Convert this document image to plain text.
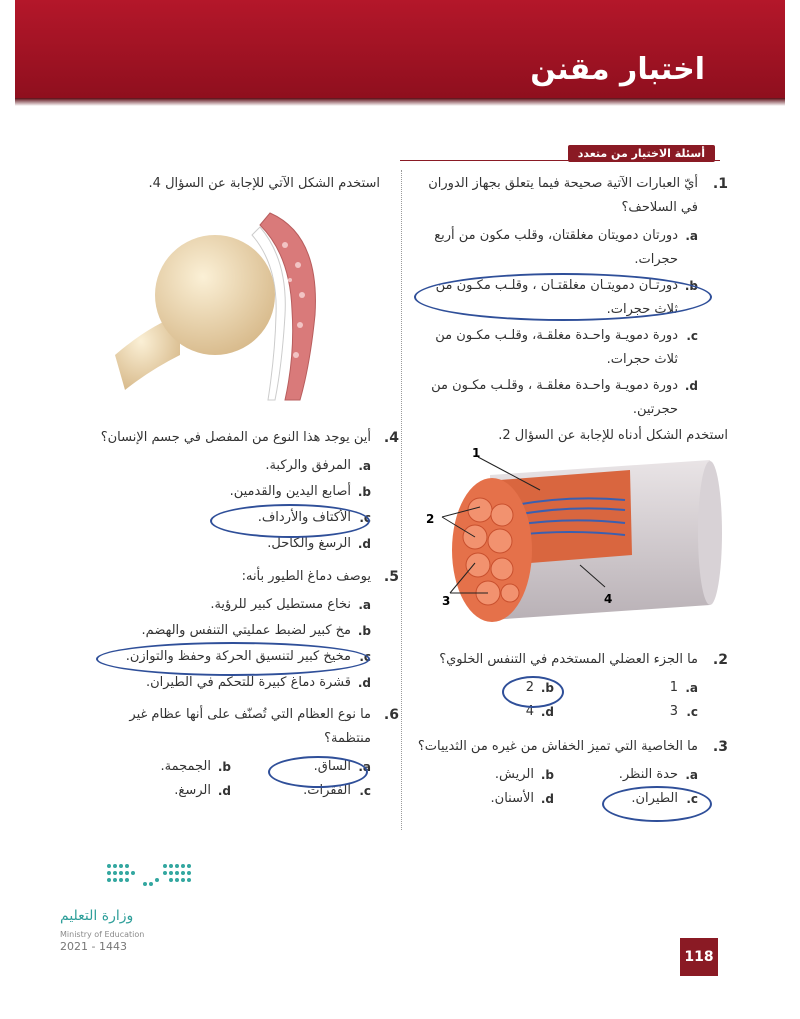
اختبار مقنن
أسئلة الاختيار من متعدد
1.
أيّ العبارات الآتية صحيحة فيما يتعلق بجهاز الدوران
في السلاحف؟
a.
دورتان دمويتان مغلقتان، وقلب مكون من أربع
حجرات.
b.
دورتـان دمويتـان مغلقتـان ، وقلـب مكـون من
ثلاث حجرات.
c.
دورة دمويـة واحـدة مغلقـة، وقلـب مكـون من
ثلاث حجرات.
d.
دورة دمويـة واحـدة مغلقـة ، وقلـب مكـون من
حجرتين.
استخدم الشكل أدناه للإجابة عن السؤال 2.
1
2
3	4
2.
ما الجزء العضلي المستخدم في التنفس الخلوي؟
a.
1
b.
2
c.
3
d.
4
3.
ما الخاصية التي تميز الخفاش من غيره من الثدييات؟
a.
حدة النظر.
b.
الريش.
c.
الطيران.
d.
الأسنان.
استخدم الشكل الآتي للإجابة عن السؤال 4.
4.
أين يوجد هذا النوع من المفصل في جسم الإنسان؟
a.
المرفق والركبة.
b.
أصابع اليدين والقدمين.
c.
الأكتاف والأرداف.
d.
الرسغ والكاحل.
5.
يوصف دماغ الطيور بأنه:
a.
نخاع مستطيل كبير للرؤية.
b.
مخ كبير لضبط عمليتي التنفس والهضم.
c.
مخيخ كبير لتنسيق الحركة وحفظ والتوازن.
d.
قشرة دماغ كبيرة للتحكم في الطيران.
6.
ما نوع العظام التي تُصنّف على أنها عظام غير منتظمة؟
a.
الساق.
b.
الجمجمة.
c.
الفقرات.
d.
الرسغ.
وزارة التعليم
Ministry of Education
2021 - 1443
118
